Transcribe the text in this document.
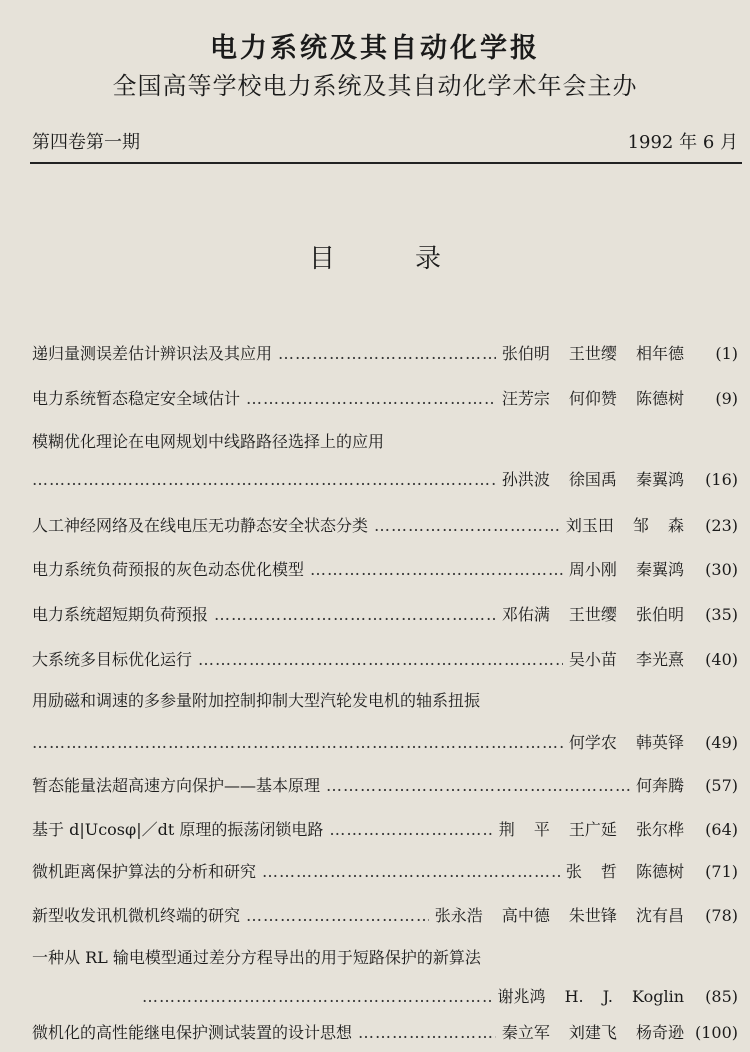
电力系统及其自动化学报
全国高等学校电力系统及其自动化学术年会主办
第四卷第一期	1992 年 6 月
目录
递归量测误差估计辨识法及其应用 …………………………………………………………………………………………………………………………………………………………………………………………………………	张伯明 王世缨 相年德	(1)
电力系统暂态稳定安全域估计 …………………………………………………………………………………………………………………………………………………………………………………………………………	汪芳宗 何仰赞 陈德树	(9)
模糊优化理论在电网规划中线路路径选择上的应用
…………………………………………………………………………………………………………………………………………………………………………………………………………
孙洪波 徐国禹 秦翼鸿	(16)
人工神经网络及在线电压无功静态安全状态分类 …………………………………………………………………………………………………………………………………………………………………………………………………………	刘玉田 邹 森	(23)
电力系统负荷预报的灰色动态优化模型 …………………………………………………………………………………………………………………………………………………………………………………………………………	周小刚 秦翼鸿	(30)
电力系统超短期负荷预报 …………………………………………………………………………………………………………………………………………………………………………………………………………	邓佑满 王世缨 张伯明	(35)
大系统多目标优化运行 …………………………………………………………………………………………………………………………………………………………………………………………………………	吴小苗 李光熹	(40)
用励磁和调速的多参量附加控制抑制大型汽轮发电机的轴系扭振
…………………………………………………………………………………………………………………………………………………………………………………………………………
何学农 韩英铎	(49)
暂态能量法超高速方向保护——基本原理 …………………………………………………………………………………………………………………………………………………………………………………………………………	何奔腾	(57)
基于 d|Ucosφ|／dt 原理的振荡闭锁电路 …………………………………………………………………………………………………………………………………………………………………………………………………………	荆 平 王广延 张尔桦	(64)
微机距离保护算法的分析和研究 …………………………………………………………………………………………………………………………………………………………………………………………………………	张 哲 陈德树	(71)
新型收发讯机微机终端的研究 …………………………………………………………………………………………………………………………………………………………………………………………………………	张永浩 高中德 朱世锋 沈有昌	(78)
一种从 RL 输电模型通过差分方程导出的用于短路保护的新算法
…………………………………………………………………………………………………………………………………………………………………………………………………………
谢兆鸿 H. J. Koglin	(85)
微机化的高性能继电保护测试装置的设计思想 …………………………………………………………………………………………………………………………………………………………………………………………………………	秦立军 刘建飞 杨奇逊 (100)
